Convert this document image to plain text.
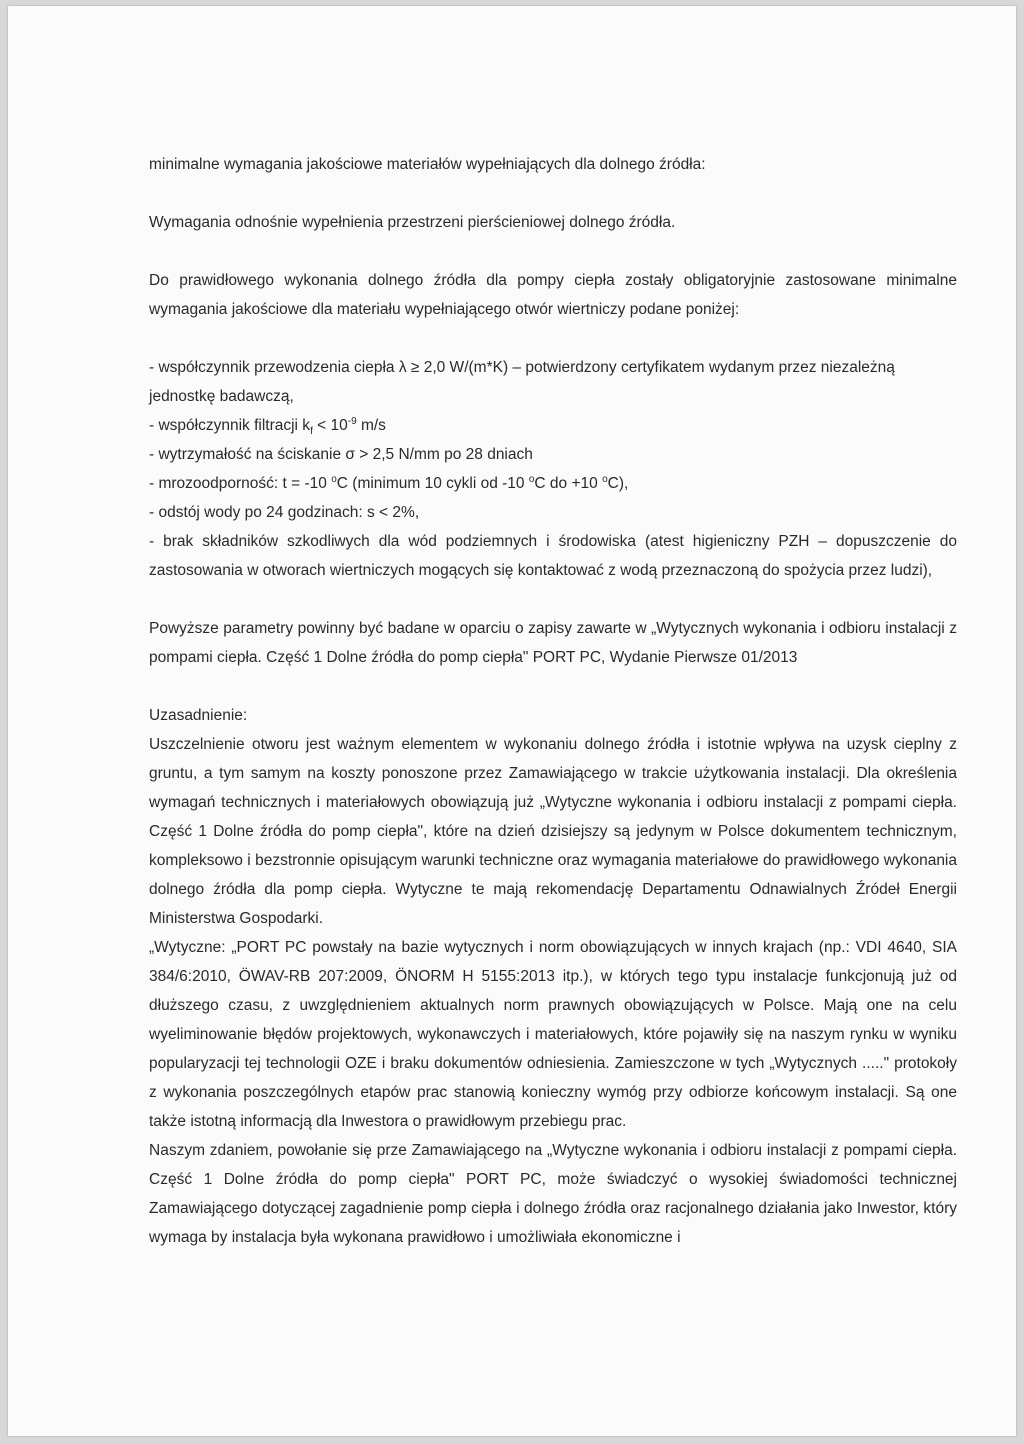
minimalne wymagania jakościowe materiałów wypełniających dla dolnego źródła:

Wymagania odnośnie wypełnienia przestrzeni pierścieniowej dolnego źródła.

Do prawidłowego wykonania dolnego źródła dla pompy ciepła zostały obligatoryjnie zastosowane minimalne wymagania jakościowe dla materiału wypełniającego otwór wiertniczy podane poniżej:

- współczynnik przewodzenia ciepła λ ≥ 2,0 W/(m*K) – potwierdzony certyfikatem wydanym przez niezależną jednostkę badawczą,

- współczynnik filtracji $k_f < 10^{-9}$ m/s

- wytrzymałość na ściskanie σ > 2,5 N/mm po 28 dniach

- mrozoodporność: t = -10 $^o$C (minimum 10 cykli od -10 $^o$C do +10 $^o$C),

- odstój wody po 24 godzinach: s < 2%,

- brak składników szkodliwych dla wód podziemnych i środowiska (atest higieniczny PZH – dopuszczenie do zastosowania w otworach wiertniczych mogących się kontaktować z wodą przeznaczoną do spożycia przez ludzi),

Powyższe parametry powinny być badane w oparciu o zapisy zawarte w „Wytycznych wykonania i odbioru instalacji z pompami ciepła. Część 1 Dolne źródła do pomp ciepła" PORT PC, Wydanie Pierwsze 01/2013

Uzasadnienie:

Uszczelnienie otworu jest ważnym elementem w wykonaniu dolnego źródła i istotnie wpływa na uzysk cieplny z gruntu, a tym samym na koszty ponoszone przez Zamawiającego w trakcie użytkowania instalacji. Dla określenia wymagań technicznych i materiałowych obowiązują już „Wytyczne wykonania i odbioru instalacji z pompami ciepła. Część 1 Dolne źródła do pomp ciepła", które na dzień dzisiejszy są jedynym w Polsce dokumentem technicznym, kompleksowo i bezstronnie opisującym warunki techniczne oraz wymagania materiałowe do prawidłowego wykonania dolnego źródła dla pomp ciepła. Wytyczne te mają rekomendację Departamentu Odnawialnych Źródeł Energii Ministerstwa Gospodarki.

„Wytyczne: „PORT PC powstały na bazie wytycznych i norm obowiązujących w innych krajach (np.: VDI 4640, SIA 384/6:2010, ÖWAV-RB 207:2009, ÖNORM H 5155:2013 itp.), w których tego typu instalacje funkcjonują już od dłuższego czasu, z uwzględnieniem aktualnych norm prawnych obowiązujących w Polsce. Mają one na celu wyeliminowanie błędów projektowych, wykonawczych i materiałowych, które pojawiły się na naszym rynku w wyniku popularyzacji tej technologii OZE i braku dokumentów odniesienia. Zamieszczone w tych „Wytycznych ....." protokoły z wykonania poszczególnych etapów prac stanowią konieczny wymóg przy odbiorze końcowym instalacji. Są one także istotną informacją dla Inwestora o prawidłowym przebiegu prac.

Naszym zdaniem, powołanie się prze Zamawiającego na „Wytyczne wykonania i odbioru instalacji z pompami ciepła. Część 1 Dolne źródła do pomp ciepła" PORT PC, może świadczyć o wysokiej świadomości technicznej Zamawiającego dotyczącej zagadnienie pomp ciepła i dolnego źródła oraz racjonalnego działania jako Inwestor, który wymaga by instalacja była wykonana prawidłowo i umożliwiała ekonomiczne i
